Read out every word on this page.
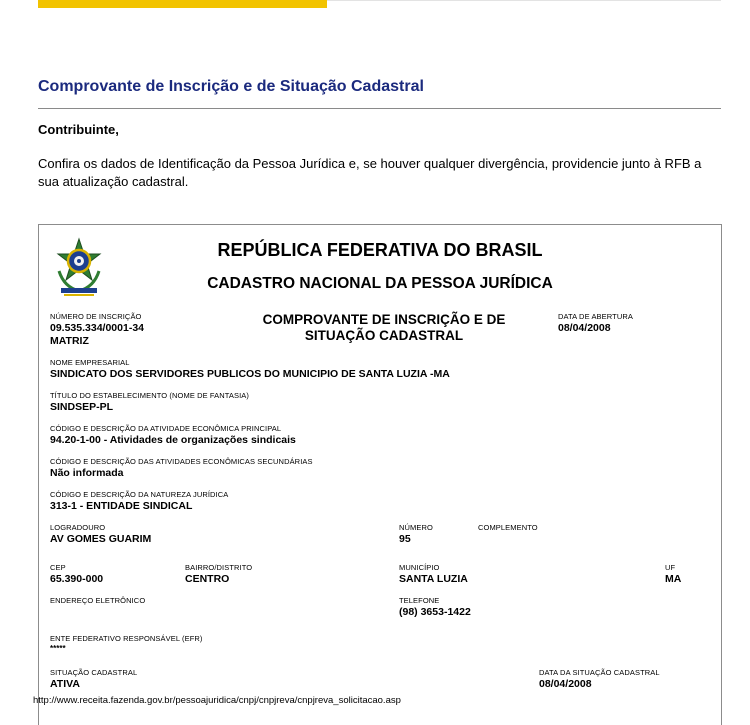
Comprovante de Inscrição e de Situação Cadastral
Contribuinte,
Confira os dados de Identificação da Pessoa Jurídica e, se houver qualquer divergência, providencie junto à RFB a sua atualização cadastral.
REPÚBLICA FEDERATIVA DO BRASIL
CADASTRO NACIONAL DA PESSOA JURÍDICA
COMPROVANTE DE INSCRIÇÃO E DE
SITUAÇÃO CADASTRAL
NÚMERO DE INSCRIÇÃO
09.535.334/0001-34
MATRIZ
DATA DE ABERTURA
08/04/2008
NOME EMPRESARIAL
SINDICATO DOS SERVIDORES PUBLICOS DO MUNICIPIO DE SANTA LUZIA -MA
TÍTULO DO ESTABELECIMENTO (NOME DE FANTASIA)
SINDSEP-PL
CÓDIGO E DESCRIÇÃO DA ATIVIDADE ECONÔMICA PRINCIPAL
94.20-1-00 - Atividades de organizações sindicais
CÓDIGO E DESCRIÇÃO DAS ATIVIDADES ECONÔMICAS SECUNDÁRIAS
Não informada
CÓDIGO E DESCRIÇÃO DA NATUREZA JURÍDICA
313-1 - ENTIDADE SINDICAL
LOGRADOURO
AV GOMES GUARIM
NÚMERO
95
COMPLEMENTO
CEP
65.390-000
BAIRRO/DISTRITO
CENTRO
MUNICÍPIO
SANTA LUZIA
UF
MA
ENDEREÇO ELETRÔNICO	TELEFONE
(98) 3653-1422
ENTE FEDERATIVO RESPONSÁVEL (EFR)
*****
SITUAÇÃO CADASTRAL
ATIVA
DATA DA SITUAÇÃO CADASTRAL
08/04/2008
http://www.receita.fazenda.gov.br/pessoajuridica/cnpj/cnpjreva/cnpjreva_solicitacao.asp
